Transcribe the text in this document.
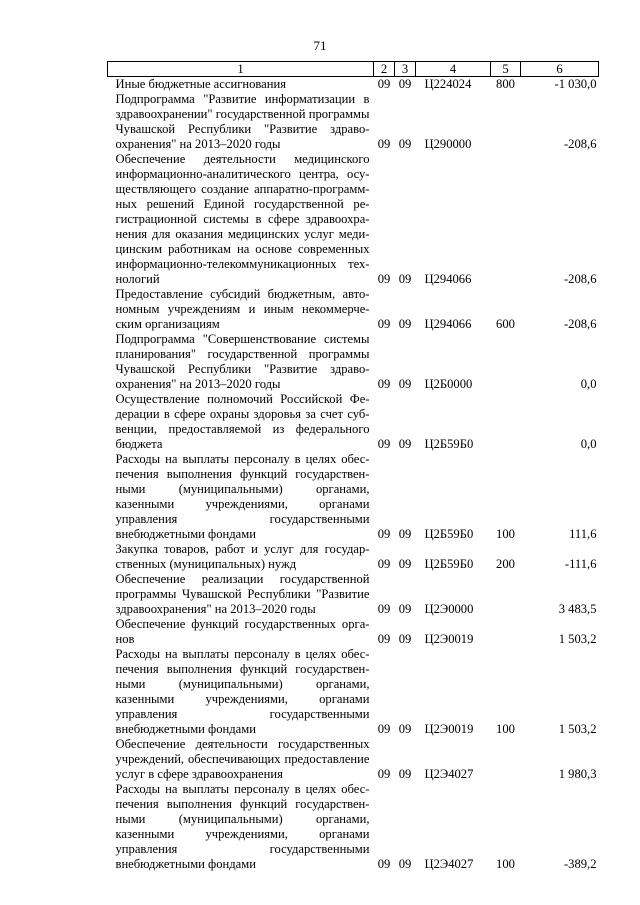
71
1	2	3	4	5	6
Иные бюджетные ассигнования	09	09	Ц224024	800	-1 030,0
Подпрограмма "Развитие информатизации в здравоохранении" государственной программы Чувашской Республики "Развитие здравоохранения" на 2013–2020 годы	09	09	Ц290000		-208,6
Обеспечение деятельности медицинского информационно-аналитического центра, осуществляющего создание аппаратно-программных решений Единой государственной регистрационной системы в сфере здравоохранения для оказания медицинских услуг медицинским работникам на основе современных информационно-телекоммуникационных технологий	09	09	Ц294066		-208,6
Предоставление субсидий бюджетным, автономным учреждениям и иным некоммерческим организациям	09	09	Ц294066	600	-208,6
Подпрограмма "Совершенствование системы планирования" государственной программы Чувашской Республики "Развитие здравоохранения" на 2013–2020 годы	09	09	Ц2Б0000		0,0
Осуществление полномочий Российской Федерации в сфере охраны здоровья за счет субвенции, предоставляемой из федерального бюджета	09	09	Ц2Б59Б0		0,0
Расходы на выплаты персоналу в целях обеспечения выполнения функций государственными (муниципальными) органами, казенными учреждениями, органами управления государственными внебюджетными фондами	09	09	Ц2Б59Б0	100	111,6
Закупка товаров, работ и услуг для государственных (муниципальных) нужд	09	09	Ц2Б59Б0	200	-111,6
Обеспечение реализации государственной программы Чувашской Республики "Развитие здравоохранения" на 2013–2020 годы	09	09	Ц2Э0000		3 483,5
Обеспечение функций государственных органов	09	09	Ц2Э0019		1 503,2
Расходы на выплаты персоналу в целях обеспечения выполнения функций государственными (муниципальными) органами, казенными учреждениями, органами управления государственными внебюджетными фондами	09	09	Ц2Э0019	100	1 503,2
Обеспечение деятельности государственных учреждений, обеспечивающих предоставление услуг в сфере здравоохранения	09	09	Ц2Э4027		1 980,3
Расходы на выплаты персоналу в целях обеспечения выполнения функций государственными (муниципальными) органами, казенными учреждениями, органами управления государственными внебюджетными фондами	09	09	Ц2Э4027	100	-389,2
